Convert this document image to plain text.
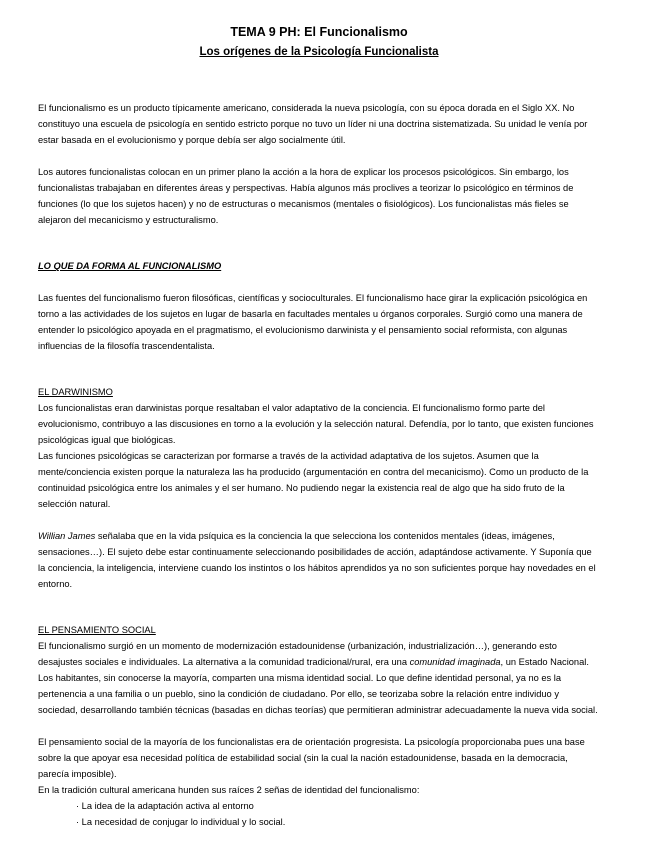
TEMA 9 PH: El Funcionalismo
Los orígenes de la Psicología Funcionalista

El funcionalismo es un producto típicamente americano, considerada la nueva psicología, con su época dorada en el Siglo XX. No constituyo una escuela de psicología en sentido estricto porque no tuvo un líder ni una doctrina sistematizada. Su unidad le venía por estar basada en el evolucionismo y porque debía ser algo socialmente útil.

Los autores funcionalistas colocan en un primer plano la acción a la hora de explicar los procesos psicológicos. Sin embargo, los funcionalistas trabajaban en diferentes áreas y perspectivas. Había algunos más proclives a teorizar lo psicológico en términos de funciones (lo que los sujetos hacen) y no de estructuras o mecanismos (mentales o fisiológicos). Los funcionalistas más fieles se alejaron del mecanicismo y estructuralismo.

LO QUE DA FORMA AL FUNCIONALISMO

Las fuentes del funcionalismo fueron filosóficas, científicas y socioculturales. El funcionalismo hace girar la explicación psicológica en torno a las actividades de los sujetos en lugar de basarla en facultades mentales u órganos corporales. Surgió como una manera de entender lo psicológico apoyada en el pragmatismo, el evolucionismo darwinista y el pensamiento social reformista, con algunas influencias de la filosofía trascendentalista.

EL DARWINISMO

Los funcionalistas eran darwinistas porque resaltaban el valor adaptativo de la conciencia. El funcionalismo formo parte del evolucionismo, contribuyo a las discusiones en torno a la evolución y la selección natural. Defendía, por lo tanto, que existen funciones psicológicas igual que biológicas.

Las funciones psicológicas se caracterizan por formarse a través de la actividad adaptativa de los sujetos. Asumen que la mente/conciencia existen porque la naturaleza las ha producido (argumentación en contra del mecanicismo). Como un producto de la continuidad psicológica entre los animales y el ser humano. No pudiendo negar la existencia real de algo que ha sido fruto de la selección natural.

Willian James señalaba que en la vida psíquica es la conciencia la que selecciona los contenidos mentales (ideas, imágenes, sensaciones…). El sujeto debe estar continuamente seleccionando posibilidades de acción, adaptándose activamente. Y Suponía que la conciencia, la inteligencia, interviene cuando los instintos o los hábitos aprendidos ya no son suficientes porque hay novedades en el entorno.

EL PENSAMIENTO SOCIAL

El funcionalismo surgió en un momento de modernización estadounidense (urbanización, industrialización…), generando esto desajustes sociales e individuales. La alternativa a la comunidad tradicional/rural, era una comunidad imaginada, un Estado Nacional. Los habitantes, sin conocerse la mayoría, comparten una misma identidad social. Lo que define identidad personal, ya no es la pertenencia a una familia o un pueblo, sino la condición de ciudadano. Por ello, se teorizaba sobre la relación entre individuo y sociedad, desarrollando también técnicas (basadas en dichas teorías) que permitieran administrar adecuadamente la nueva vida social.

El pensamiento social de la mayoría de los funcionalistas era de orientación progresista. La psicología proporcionaba pues una base sobre la que apoyar esa necesidad política de estabilidad social (sin la cual la nación estadounidense, basada en la democracia, parecía imposible).

En la tradición cultural americana hunden sus raíces 2 señas de identidad del funcionalismo:

· La idea de la adaptación activa al entorno

· La necesidad de conjugar lo individual y lo social.
